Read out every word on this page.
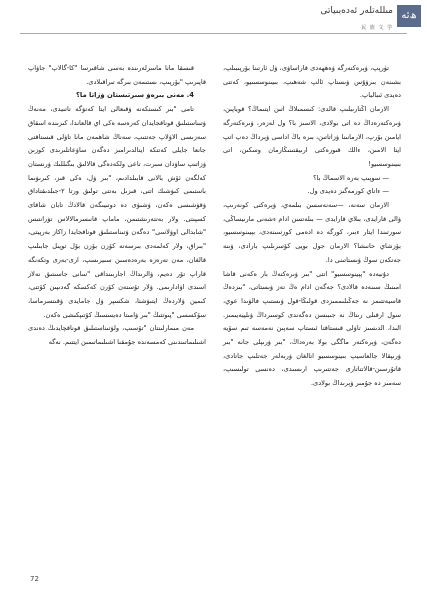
ھ‌ئە
مىللەتلەر ئەدەبىياتى
民 族 文 学

تۈرپپ، ۋېرەكتەرگە ۋەھھەدى قاراساۋى، ۋل ئارتىنا بۆرپىبىلپ، بشىنەن بىرۋۇس ۋىستاپ ئالپ شەھىپ، بىيىنوسسىيو، كەتتى دەيدى ئىبالياپ.

الارمان اڭتارىبلىپ قالدى: كىسمىلاڭ اتىن ايتىماڭ؟ قوياپىن، ۋىرەكتەرەداڭ دە اتى بولادى، الاسىز با؟ ول لەزەر، ۋىرەكتەرگە ايامىن بۆرپ، الارمانىنا ۋزاتاتىن، بىرە باڭ اداسى ۋېرداڭ دەپ اتپ ايتا الامىن، ءالك قىورەكتى ارىيقتىنىڭارمان وسكىن، اتى بىيىنوسسيو!

— سوپىپ بەرە الاسماڭ با؟

— ءاتاي كورمەگىز دەيدى ول.

الارمان سەنە، —سەنەسسن بىلمەي، ۋېرەكتى كونەرىپ، ۋالى قارايدى، بىلاي قارايدى — بىلەتسن ادام ءشەنى مارىيساڭى، سورتىندا ايتار ءبىر، كورگە دە ادەمى كورسىنەدى، بېيىنوسسيو، بۆزشاي حانىشا؟ الارمان جول بويى كۆسرىلىپ بارادى، ۋىنە جەتكەن سوڭ ۋىستاتىنى دا.

دۇنيەدە "پېينوسسيو" اتتى "بىر ۋىرەكتەڭ بار ەكەنى قاشا امىنىڭ سىنەدە قالادى؟ جەگەن ادام ەڭ تەز ۋىستاتى، "بىزدەڭ قاسيەتتىمز نە جەڭىلىممىزدى قولىڭا-قول ۋىستىپ فالۋىدا عوي، سول ارقىلى رىتاڭ نە جىبىسن دەگەندى كوسىرداڭ ۋىلپيەيىمىز. الىدا، الدىسىز تاۋلى قىستاقتا ئىستاپ سەپىن نەمەسە تىم سۆيە دەگەن، ۋېرەكتەر ماگگى بولا بەرەداڭ، "بىر ۋرىپلى جانە "بىر ۋرىپقالا جالعاسيپ بىينوسسيو اتالغان ۋربەلەر جەتلىپ جاتادى، قاتۇرسىن-قالاتتاتارى جەتتىرىپ ارىسىدى، دەنسى تولىسىپ، سەمىز دە جۇمىر ۋېرىداڭ بولادى.

قىسقا مانا ماسرلەرىندە بەسى شاقىرسا "كا-گالاپ" جاۋاپ قاپىرىپ "بۆرپىپ، ىستىمەن بىرگە تىراقىلادى.

4. مەنى بىرەۋ سىرتىستان ۋزاتا ما؟

تامى "بىر كىستكەنە ۋقىعالى ايتا كەتۋگە تاتىيدى، مەنەڭ ۋتىناستىلىق قوناقجايدان كەرەسە ەكى اي قالعاندا، كىزىندە اسقاق سەزىسى الاۋلاپ جەتتىپ، سەناڭ شاھمەن مانا تاۋلى قىستاقتى جانعا جايلى كەتتكە ايتالدىرامىز دەگەن ساۋعاتلىرىدى كوزىن ۋزاتىپ ساۋدان سىرت، تاعى ولكەدەگى قالالىق بىگىللىك ۋرنستان كەلگەن ئۆش بالانى قابىلدادىم، "بىر ۋل، ەكى قىز، كىرىۋىما باستىمى كىۋشىك اتتى، قىزىل بەتتى تولىق ورتا ٢-جىلدىقتاداق ۋقۋشىسى ەكەن، ۋشىۋى دە دوتىيىگەن قالادڭ تابان شاقاى كسپىتى. ولار بەتتەرىشتىمن، ماماپ قانىسرمالالاس تۋرانتىس "شابدالى اوۋلاسى" دەگەن ۋتىناستىلىق قوناقجايدا زاكاز بەرپيتى، "بىراق، ولار كەلمەدى بىرسەتە كۆزن بۆزن بۆل توپىل جابىلىپ قالغان، مەن تەرەزە بەرەدەسىن سىيرىسپ، ارى-بەرى وتكەنگە قاراپ تۆر دەيم، ۋالرىداڭ اجاربىنداقى "سانى جاسىتىق نەلاز اسىدى اۋادارىمى. ۋلار تۆستەن كۆرن كەكسكە گەدىپىن كۆتتى، كىمين ۋلاردەڭ ايتىۋشتا، شكسپر ۋل جامايدى ۋقىتسرماسا، سۆكسسى "پىوتتىڭ "بىر ۋامىتا دەيسسىڭ كۆتىپكىشى ەكەن.

مەن مىمارلىنتان "تۆسىپ، ولۋتىناستىلىق قوناقچايدىڭ دەندى اشىلىماتىندىنى كەمسەندە جۇمقنا اشىلىماتىمىن ايتتىم. نەگە

72
